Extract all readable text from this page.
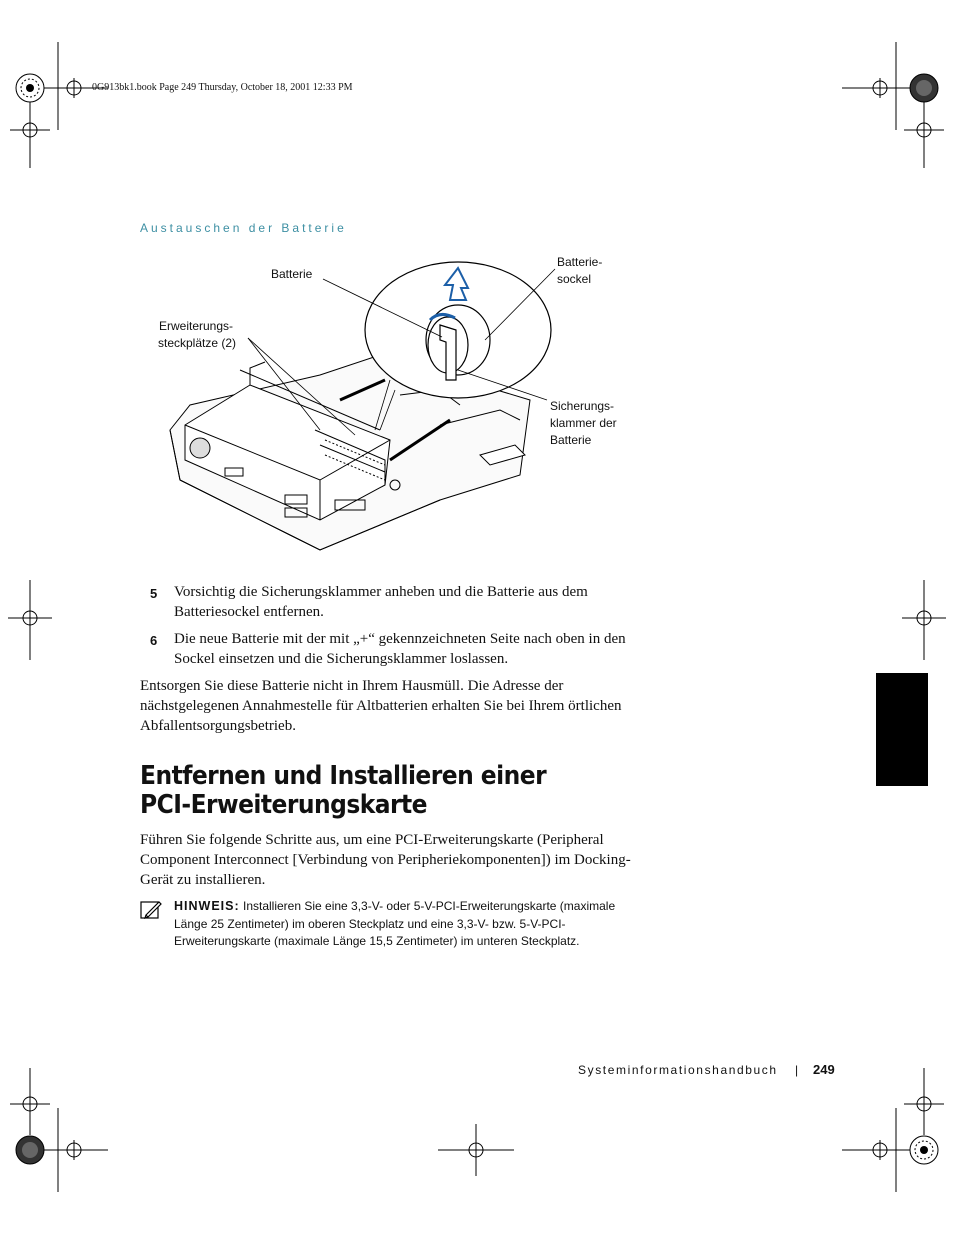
0G913bk1.book Page 249 Thursday, October 18, 2001 12:33 PM
Austauschen der Batterie
Batterie
Batterie-
sockel
Erweiterungs-
steckplätze (2)
Sicherungs-
klammer der
Batterie
5 Vorsichtig die Sicherungsklammer anheben und die Batterie aus dem Batteriesockel entfernen.
6 Die neue Batterie mit der mit „+“ gekennzeichneten Seite nach oben in den Sockel einsetzen und die Sicherungsklammer loslassen.
Entsorgen Sie diese Batterie nicht in Ihrem Hausmüll. Die Adresse der nächstgelegenen Annahmestelle für Altbatterien erhalten Sie bei Ihrem örtlichen Abfallentsorgungsbetrieb.
Entfernen und Installieren einer
PCI-Erweiterungskarte
Führen Sie folgende Schritte aus, um eine PCI-Erweiterungskarte (Peripheral Component Interconnect [Verbindung von Peripheriekomponenten]) im Docking-Gerät zu installieren.
HINWEIS: Installieren Sie eine 3,3-V- oder 5-V-PCI-Erweiterungskarte (maximale Länge 25 Zentimeter) im oberen Steckplatz und eine 3,3-V- bzw. 5-V-PCI-Erweiterungskarte (maximale Länge 15,5 Zentimeter) im unteren Steckplatz.
Systeminformationshandbuch | 249
